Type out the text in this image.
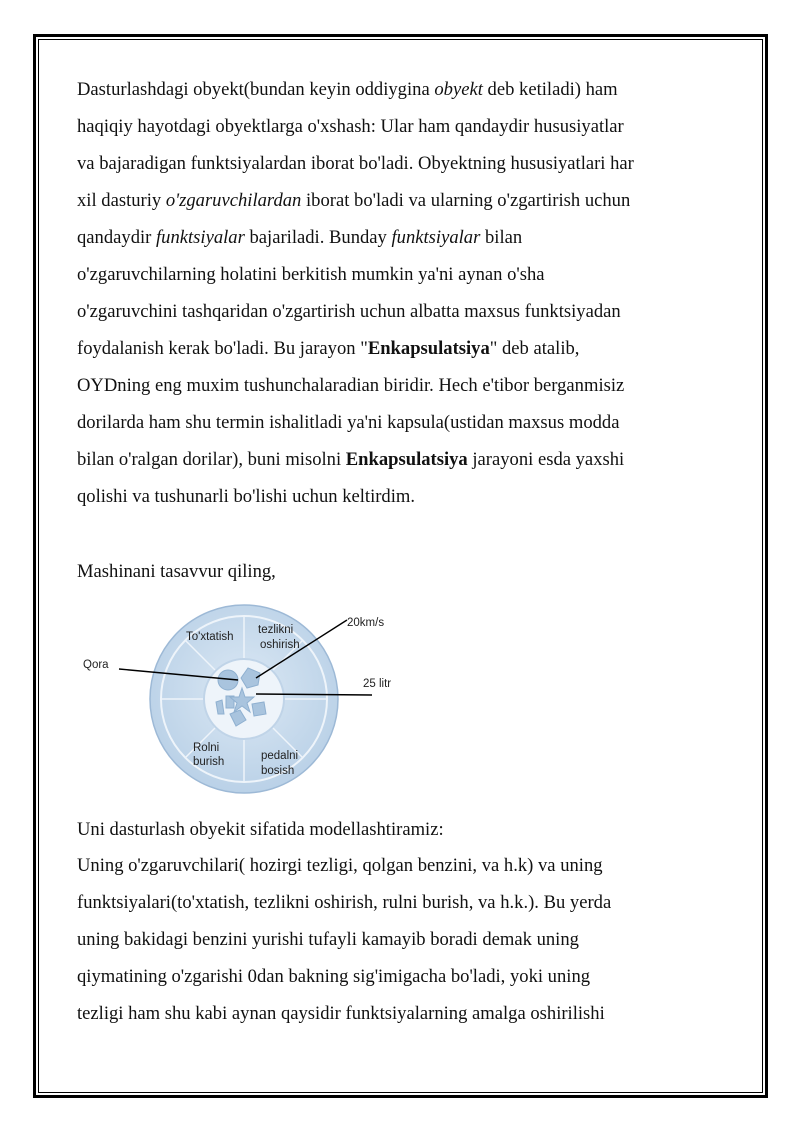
Dasturlashdagi obyekt(bundan keyin oddiygina obyekt deb ketiladi) ham
haqiqiy hayotdagi obyektlarga o'xshash: Ular ham qandaydir hususiyatlar
va bajaradigan funktsiyalardan iborat bo'ladi. Obyektning hususiyatlari har
xil dasturiy o'zgaruvchilardan iborat bo'ladi va ularning o'zgartirish uchun
qandaydir funktsiyalar bajariladi. Bunday funktsiyalar bilan
o'zgaruvchilarning holatini berkitish mumkin ya'ni aynan o'sha
o'zgaruvchini tashqaridan o'zgartirish uchun albatta maxsus funktsiyadan
foydalanish kerak bo'ladi. Bu jarayon "Enkapsulatsiya" deb atalib,
OYDning eng muxim tushunchalaradian biridir. Hech e'tibor berganmisiz
dorilarda ham shu termin ishalitladi ya'ni kapsula(ustidan maxsus modda
bilan o'ralgan dorilar), buni misolni Enkapsulatsiya jarayoni esda yaxshi
qolishi va tushunarli bo'lishi uchun keltirdim.
Mashinani tasavvur qiling,
To'xtatish
tezlikni
oshirish
20km/s
Qora
25 litr
Rolni
burish	pedalni
bosish
Uni dasturlash obyekit sifatida modellashtiramiz:
Uning o'zgaruvchilari( hozirgi tezligi, qolgan benzini, va h.k) va uning
funktsiyalari(to'xtatish, tezlikni oshirish, rulni burish, va h.k.). Bu yerda
uning bakidagi benzini yurishi tufayli kamayib boradi demak uning
qiymatining o'zgarishi 0dan bakning sig'imigacha bo'ladi, yoki uning
tezligi ham shu kabi aynan qaysidir funktsiyalarning amalga oshirilishi
